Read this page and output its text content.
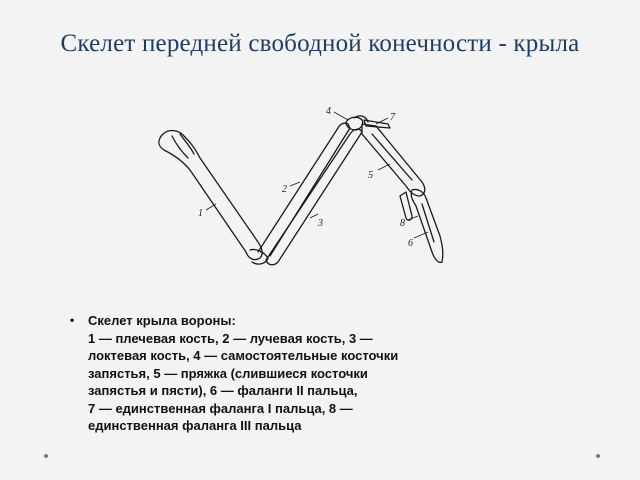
Скелет передней свободной конечности - крыла
1
2
3
4
5
6
7
8
• Скелет крыла вороны:
1 — плечевая кость, 2 — лучевая кость, 3 —
локтевая кость, 4 — самостоятельные косточки
запястья, 5 — пряжка (слившиеся косточки
запястья и пясти), 6 — фаланги II пальца,
7 — единственная фаланга I пальца, 8 —
единственная фаланга III пальца
